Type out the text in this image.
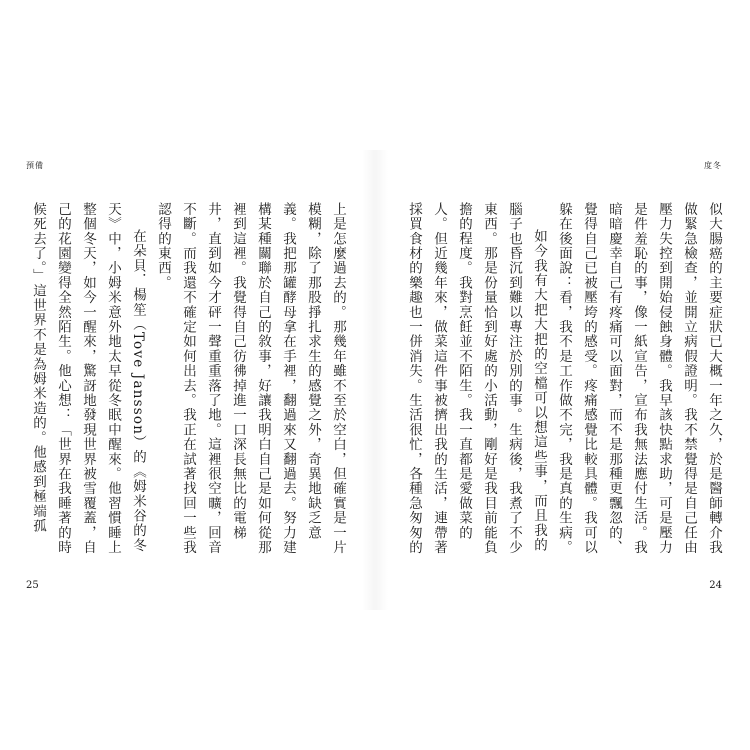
預備

上是怎麼過去的。那幾年雖不至於空白，但確實是一片模糊，除了那股掙扎求生的感覺之外，奇異地缺乏意義。我把那罐酵母拿在手裡，翻過來又翻過去。努力建構某種關聯於自己的敘事，好讓我明白自己是如何從那裡到這裡。我覺得自己彷彿掉進一口深長無比的電梯井，直到如今才砰一聲重重落了地。這裡很空曠，回音不斷。而我還不確定如何出去。我正在試著找回一些我認得的東西。

在朵貝．楊笙（Tove Jansson）的《姆米谷的冬天》中，小姆米意外地太早從冬眠中醒來。他習慣睡上整個冬天，如今一醒來，驚訝地發現世界被雪覆蓋，自己的花園變得全然陌生。他心想：「世界在我睡著的時候死去了。」這世界不是為姆米造的。他感到極端孤

25
度冬

似大腸癌的主要症狀已大概一年之久，於是醫師轉介我做緊急檢查，並開立病假證明。我不禁覺得是自己任由壓力失控到開始侵蝕身體。我早該快點求助，可是壓力是件羞恥的事，像一紙宣告，宣布我無法應付生活。我暗暗慶幸自己有疼痛可以面對，而不是那種更飄忽的、覺得自己已被壓垮的感受。疼痛感覺比較具體。我可以躲在後面說：看，我不是工作做不完，我是真的生病。

如今我有大把大把的空檔可以想這些事，而且我的腦子也昏沉到難以專注於別的事。生病後，我煮了不少東西。那是份量恰到好處的小活動，剛好是我目前能負擔的程度。我對烹飪並不陌生。我一直都是愛做菜的人。但近幾年來，做菜這件事被擠出我的生活，連帶著採買食材的樂趣也一併消失。生活很忙，各種急匆匆的

24
